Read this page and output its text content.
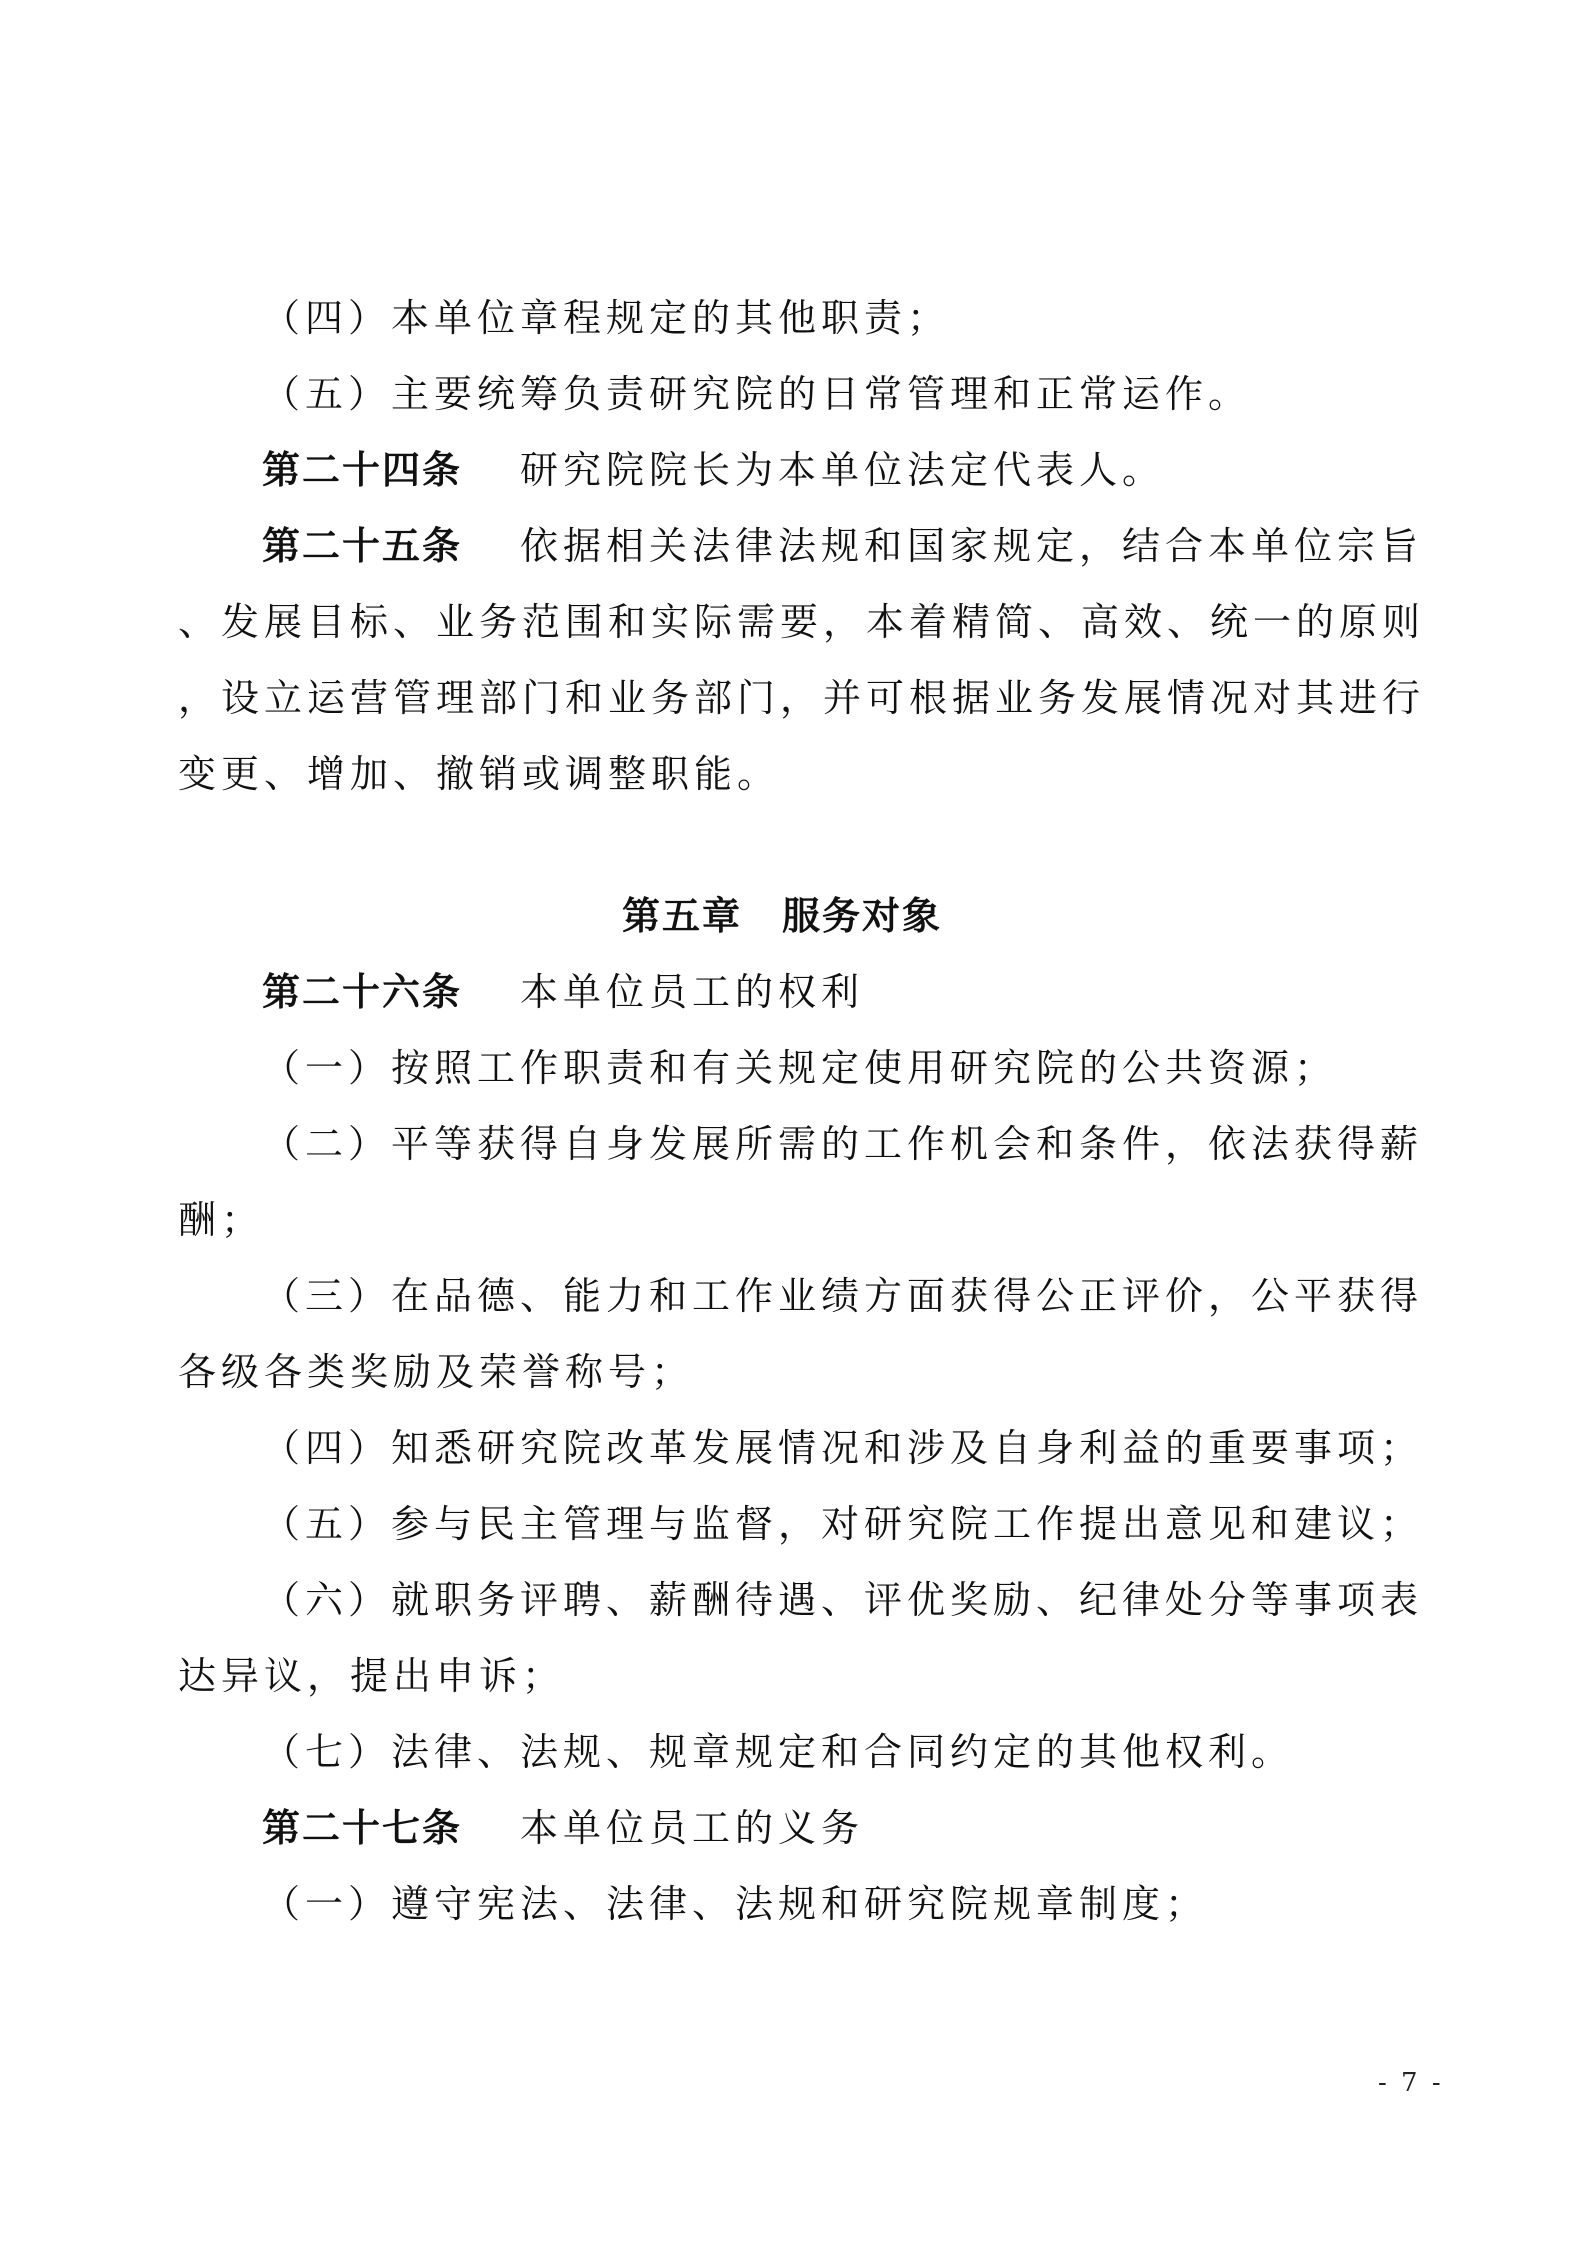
（四）本单位章程规定的其他职责；
（五）主要统筹负责研究院的日常管理和正常运作。
第二十四条 研究院院长为本单位法定代表人。
第二十五条 依据相关法律法规和国家规定，结合本单位宗旨
、发展目标、业务范围和实际需要，本着精简、高效、统一的原则
，设立运营管理部门和业务部门，并可根据业务发展情况对其进行
变更、增加、撤销或调整职能。
第五章　服务对象
第二十六条 本单位员工的权利
（一）按照工作职责和有关规定使用研究院的公共资源；
（二）平等获得自身发展所需的工作机会和条件，依法获得薪
酬；
（三）在品德、能力和工作业绩方面获得公正评价，公平获得
各级各类奖励及荣誉称号；
（四）知悉研究院改革发展情况和涉及自身利益的重要事项；
（五）参与民主管理与监督，对研究院工作提出意见和建议；
（六）就职务评聘、薪酬待遇、评优奖励、纪律处分等事项表
达异议，提出申诉；
（七）法律、法规、规章规定和合同约定的其他权利。
第二十七条 本单位员工的义务
（一）遵守宪法、法律、法规和研究院规章制度；
- 7 -
